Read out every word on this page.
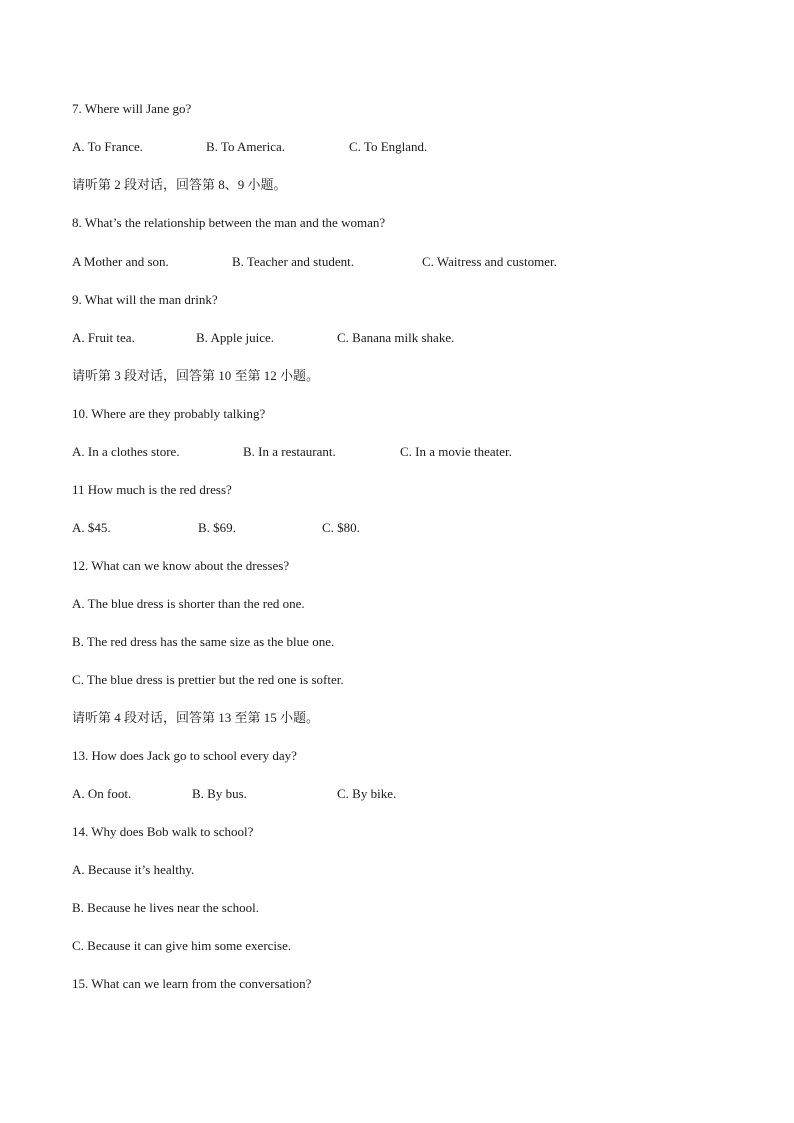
7. Where will Jane go?
A. To France.	B. To America.	C. To England.
请听第 2 段对话，回答第 8、9 小题。
8. What’s the relationship between the man and the woman?
A Mother and son.	B. Teacher and student.	C. Waitress and customer.
9. What will the man drink?
A. Fruit tea.	B. Apple juice.	C. Banana milk shake.
请听第 3 段对话，回答第 10 至第 12 小题。
10. Where are they probably talking?
A. In a clothes store.	B. In a restaurant.	C. In a movie theater.
11 How much is the red dress?
A. $45.	B. $69.	C. $80.
12. What can we know about the dresses?
A. The blue dress is shorter than the red one.
B. The red dress has the same size as the blue one.
C. The blue dress is prettier but the red one is softer.
请听第 4 段对话，回答第 13 至第 15 小题。
13. How does Jack go to school every day?
A. On foot.	B. By bus.	C. By bike.
14. Why does Bob walk to school?
A. Because it’s healthy.
B. Because he lives near the school.
C. Because it can give him some exercise.
15. What can we learn from the conversation?
